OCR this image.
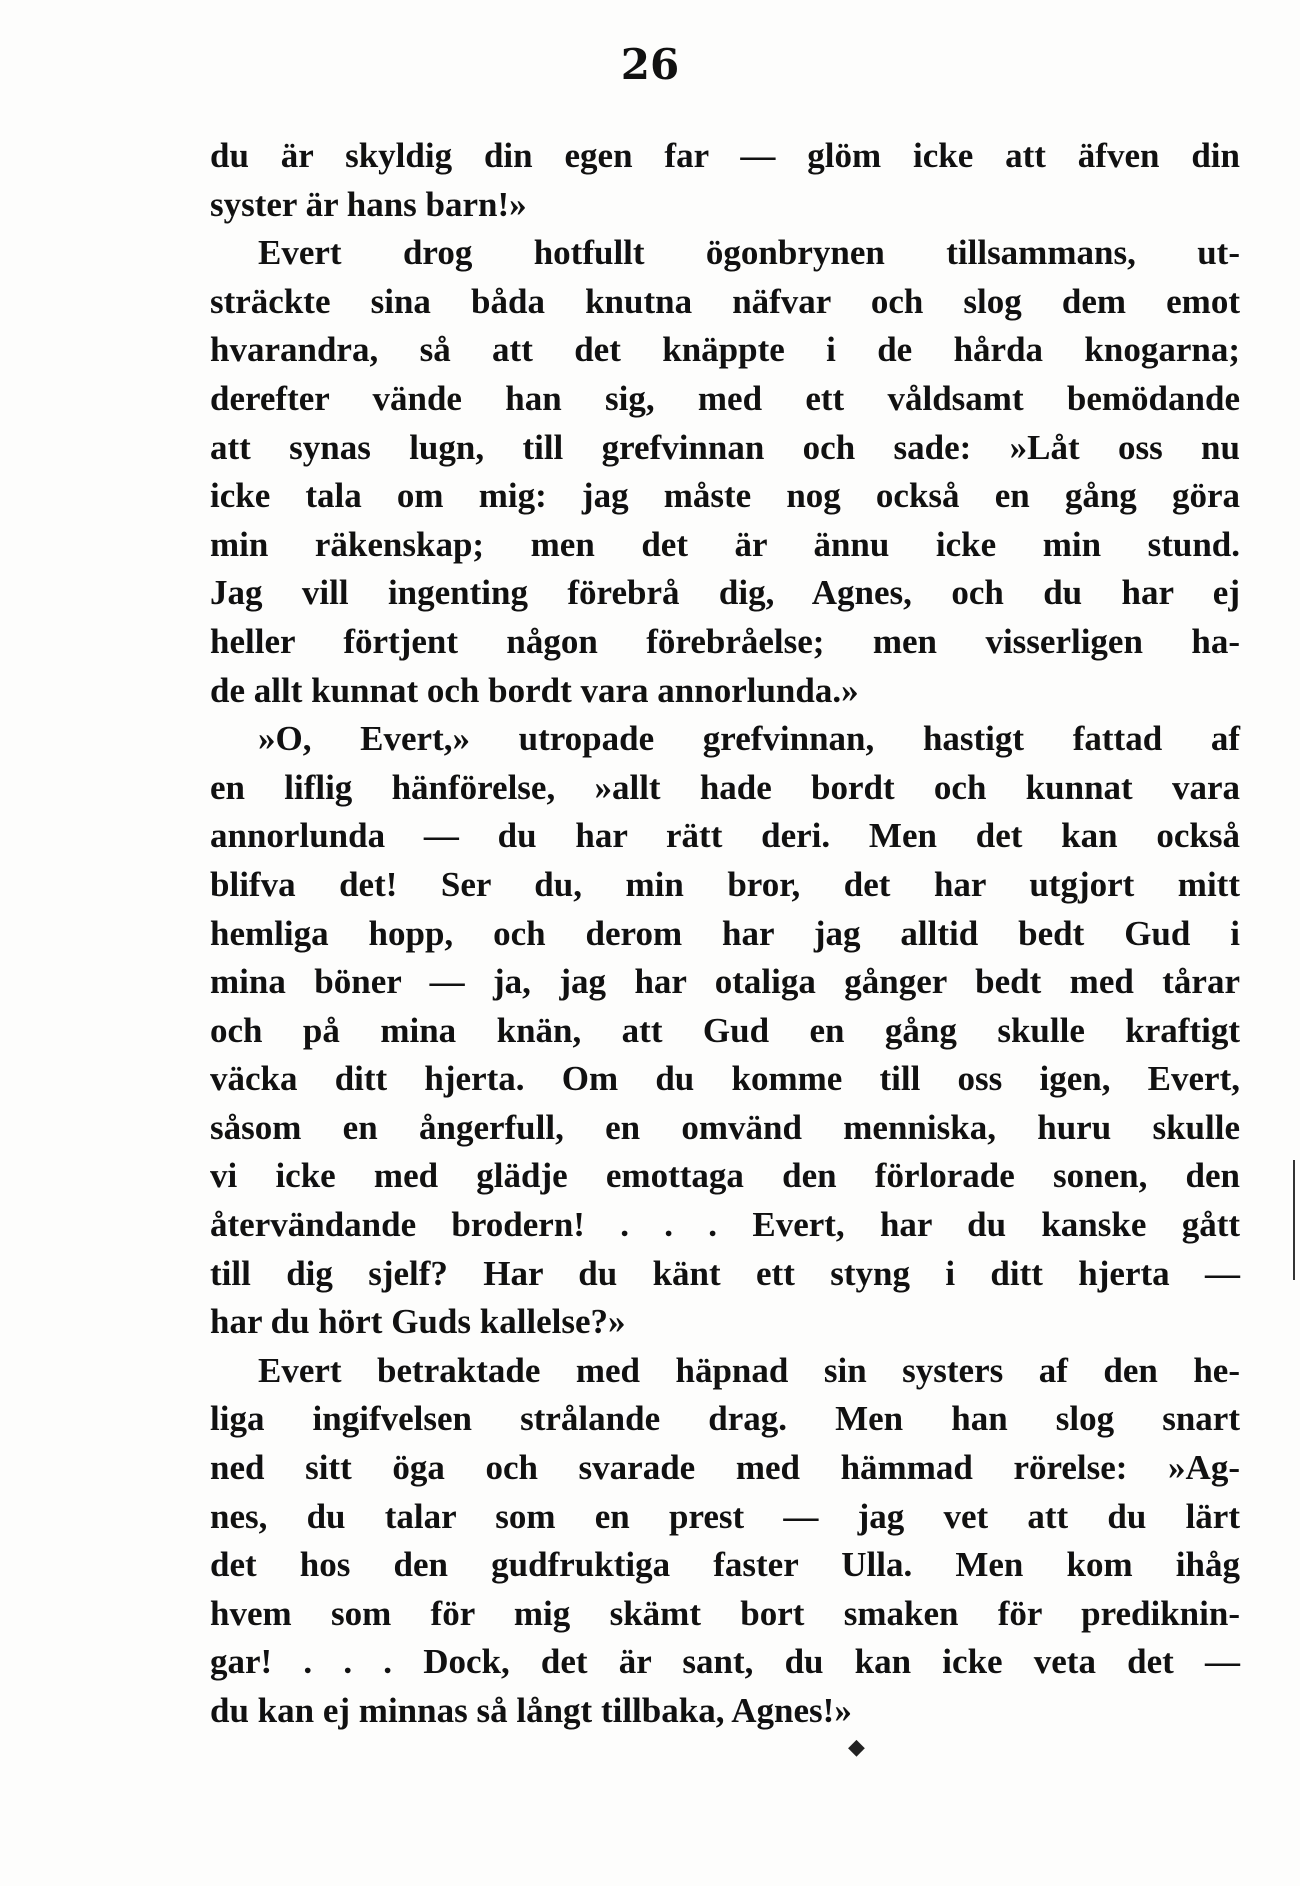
26
du är skyldig din egen far — glöm icke att äfven din
syster är hans barn!»
Evert drog hotfullt ögonbrynen tillsammans, ut-
sträckte sina båda knutna näfvar och slog dem emot
hvarandra, så att det knäppte i de hårda knogarna;
derefter vände han sig, med ett våldsamt bemödande
att synas lugn, till grefvinnan och sade: »Låt oss nu
icke tala om mig: jag måste nog också en gång göra
min räkenskap; men det är ännu icke min stund.
Jag vill ingenting förebrå dig, Agnes, och du har ej
heller förtjent någon förebråelse; men visserligen ha-
de allt kunnat och bordt vara annorlunda.»
»O, Evert,» utropade grefvinnan, hastigt fattad af
en liflig hänförelse, »allt hade bordt och kunnat vara
annorlunda — du har rätt deri. Men det kan också
blifva det! Ser du, min bror, det har utgjort mitt
hemliga hopp, och derom har jag alltid bedt Gud i
mina böner — ja, jag har otaliga gånger bedt med tårar
och på mina knän, att Gud en gång skulle kraftigt
väcka ditt hjerta. Om du komme till oss igen, Evert,
såsom en ångerfull, en omvänd menniska, huru skulle
vi icke med glädje emottaga den förlorade sonen, den
återvändande brodern! . . . Evert, har du kanske gått
till dig sjelf? Har du känt ett styng i ditt hjerta —
har du hört Guds kallelse?»
Evert betraktade med häpnad sin systers af den he-
liga ingifvelsen strålande drag. Men han slog snart
ned sitt öga och svarade med hämmad rörelse: »Ag-
nes, du talar som en prest — jag vet att du lärt
det hos den gudfruktiga faster Ulla. Men kom ihåg
hvem som för mig skämt bort smaken för prediknin-
gar! . . . Dock, det är sant, du kan icke veta det —
du kan ej minnas så långt tillbaka, Agnes!»
◆
